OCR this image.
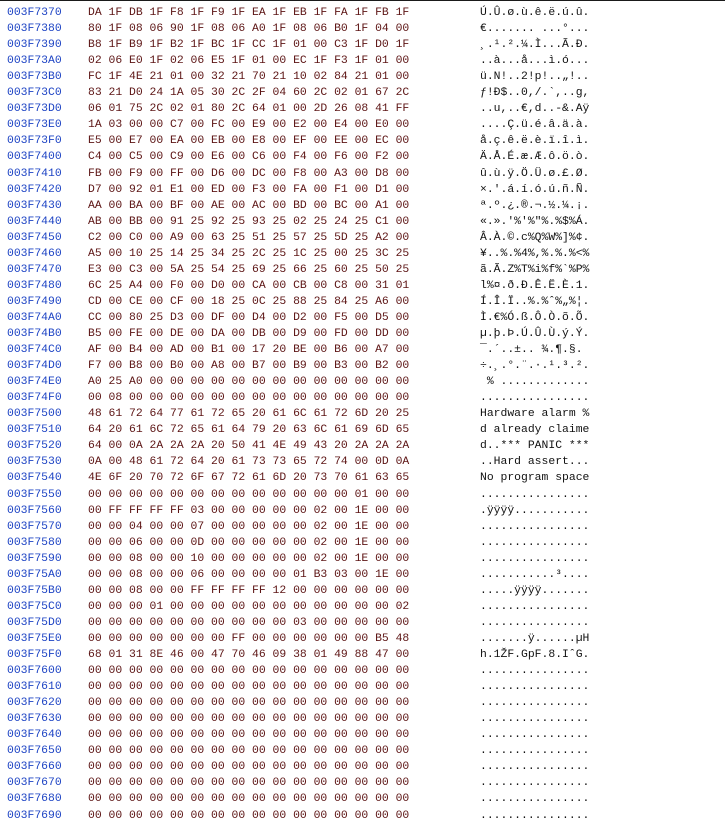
003F7370 DA 1F DB 1F F8 1F F9 1F EA 1F EB 1F FA 1F FB 1F	Ú.Û.ø.ù.ê.ë.ú.û.
003F7380 80 1F 08 06 90 1F 08 06 A0 1F 08 06 B0 1F 04 00	€....... ...°...
003F7390 B8 1F B9 1F B2 1F BC 1F CC 1F 01 00 C3 1F D0 1F	¸.¹.².¼.Ì...Ã.Ð.
003F73A0 02 06 E0 1F 02 06 E5 1F 01 00 EC 1F F3 1F 01 00	..à...å...ì.ó...
003F73B0 FC 1F 4E 21 01 00 32 21 70 21 10 02 84 21 01 00	ü.N!..2!p!..„!..
003F73C0 83 21 D0 24 1A 05 30 2C 2F 04 60 2C 02 01 67 2C	ƒ!Ð$..0,/.`,..g,
003F73D0 06 01 75 2C 02 01 80 2C 64 01 00 2D 26 08 41 FF	..u,..€,d..-&.Aÿ
003F73E0 1A 03 00 00 C7 00 FC 00 E9 00 E2 00 E4 00 E0 00	....Ç.ü.é.â.ä.à.
003F73F0 E5 00 E7 00 EA 00 EB 00 E8 00 EF 00 EE 00 EC 00	å.ç.ê.ë.è.ï.î.ì.
003F7400 C4 00 C5 00 C9 00 E6 00 C6 00 F4 00 F6 00 F2 00	Ä.Å.É.æ.Æ.ô.ö.ò.
003F7410 FB 00 F9 00 FF 00 D6 00 DC 00 F8 00 A3 00 D8 00	û.ù.ÿ.Ö.Ü.ø.£.Ø.
003F7420 D7 00 92 01 E1 00 ED 00 F3 00 FA 00 F1 00 D1 00	×.'.á.í.ó.ú.ñ.Ñ.
003F7430 AA 00 BA 00 BF 00 AE 00 AC 00 BD 00 BC 00 A1 00	ª.º.¿.®.¬.½.¼.¡.
003F7440 AB 00 BB 00 91 25 92 25 93 25 02 25 24 25 C1 00	«.».'%'%"%.%$%Á.
003F7450 C2 00 C0 00 A9 00 63 25 51 25 57 25 5D 25 A2 00	Â.À.©.c%Q%W%]%¢.
003F7460 A5 00 10 25 14 25 34 25 2C 25 1C 25 00 25 3C 25	¥..%.%4%,%.%.%<%
003F7470 E3 00 C3 00 5A 25 54 25 69 25 66 25 60 25 50 25	ã.Ã.Z%T%i%f%`%P%
003F7480 6C 25 A4 00 F0 00 D0 00 CA 00 CB 00 C8 00 31 01	l%¤.ð.Ð.Ê.Ë.È.1.
003F7490 CD 00 CE 00 CF 00 18 25 0C 25 88 25 84 25 A6 00	Í.Î.Ï..%.%ˆ%„%¦.
003F74A0 CC 00 80 25 D3 00 DF 00 D4 00 D2 00 F5 00 D5 00	Ì.€%Ó.ß.Ô.Ò.õ.Õ.
003F74B0 B5 00 FE 00 DE 00 DA 00 DB 00 D9 00 FD 00 DD 00	µ.þ.Þ.Ú.Û.Ù.ý.Ý.
003F74C0 AF 00 B4 00 AD 00 B1 00 17 20 BE 00 B6 00 A7 00	¯.´..±.. ¾.¶.§.
003F74D0 F7 00 B8 00 B0 00 A8 00 B7 00 B9 00 B3 00 B2 00	÷.¸.°.¨.·.¹.³.².
003F74E0 A0 25 A0 00 00 00 00 00 00 00 00 00 00 00 00 00	% .............
003F74F0 00 08 00 00 00 00 00 00 00 00 00 00 00 00 00 00	................
003F7500 48 61 72 64 77 61 72 65 20 61 6C 61 72 6D 20 25	Hardware alarm %
003F7510 64 20 61 6C 72 65 61 64 79 20 63 6C 61 69 6D 65	d already claime
003F7520 64 00 0A 2A 2A 2A 20 50 41 4E 49 43 20 2A 2A 2A	d..*** PANIC ***
003F7530 0A 00 48 61 72 64 20 61 73 73 65 72 74 00 0D 0A	..Hard assert...
003F7540 4E 6F 20 70 72 6F 67 72 61 6D 20 73 70 61 63 65	No program space
003F7550 00 00 00 00 00 00 00 00 00 00 00 00 00 01 00 00	................
003F7560 00 FF FF FF FF 03 00 00 00 00 00 02 00 1E 00 00	.ÿÿÿÿ...........
003F7570 00 00 04 00 00 07 00 00 00 00 00 02 00 1E 00 00	................
003F7580 00 00 06 00 00 0D 00 00 00 00 00 02 00 1E 00 00	................
003F7590 00 00 08 00 00 10 00 00 00 00 00 02 00 1E 00 00	................
003F75A0 00 00 08 00 00 06 00 00 00 00 01 B3 03 00 1E 00	...........³....
003F75B0 00 00 08 00 00 FF FF FF FF 12 00 00 00 00 00 00	.....ÿÿÿÿ.......
003F75C0 00 00 00 01 00 00 00 00 00 00 00 00 00 00 00 02	................
003F75D0 00 00 00 00 00 00 00 00 00 00 03 00 00 00 00 00	................
003F75E0 00 00 00 00 00 00 00 FF 00 00 00 00 00 00 B5 48	.......ÿ......µH
003F75F0 68 01 31 8E 46 00 47 70 46 09 38 01 49 88 47 00	h.1ŽF.GpF.8.IˆG.
003F7600 00 00 00 00 00 00 00 00 00 00 00 00 00 00 00 00	................
003F7610 00 00 00 00 00 00 00 00 00 00 00 00 00 00 00 00	................
003F7620 00 00 00 00 00 00 00 00 00 00 00 00 00 00 00 00	................
003F7630 00 00 00 00 00 00 00 00 00 00 00 00 00 00 00 00	................
003F7640 00 00 00 00 00 00 00 00 00 00 00 00 00 00 00 00	................
003F7650 00 00 00 00 00 00 00 00 00 00 00 00 00 00 00 00	................
003F7660 00 00 00 00 00 00 00 00 00 00 00 00 00 00 00 00	................
003F7670 00 00 00 00 00 00 00 00 00 00 00 00 00 00 00 00	................
003F7680 00 00 00 00 00 00 00 00 00 00 00 00 00 00 00 00	................
003F7690 00 00 00 00 00 00 00 00 00 00 00 00 00 00 00 00	................
